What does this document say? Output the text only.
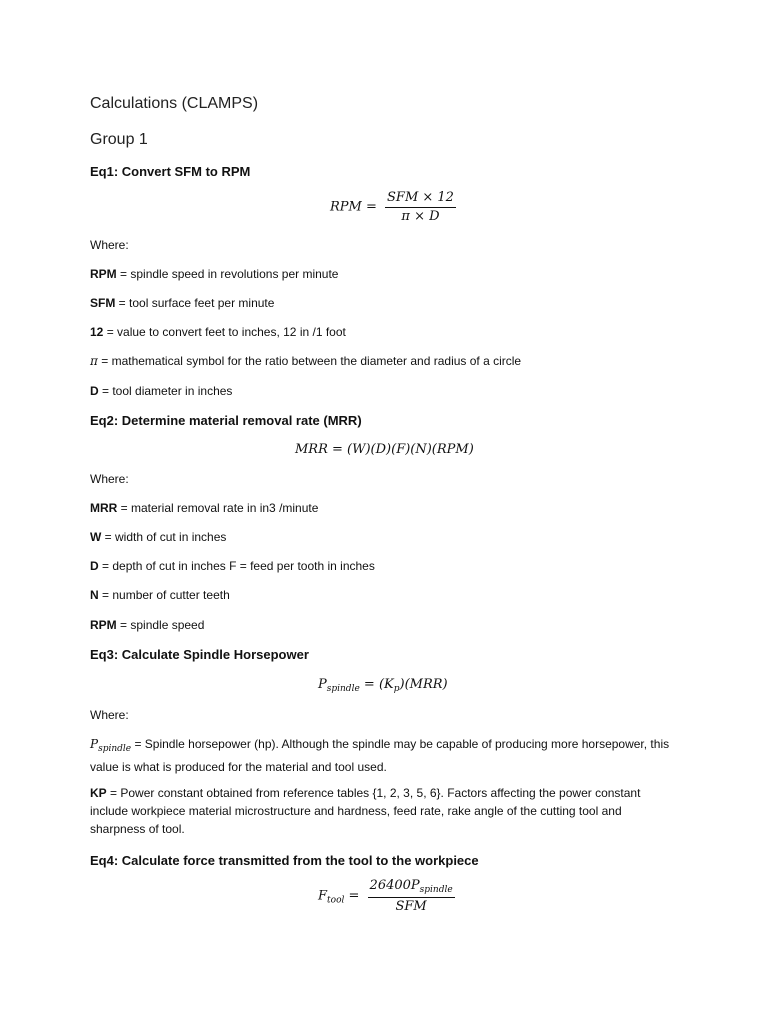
Calculations (CLAMPS)
Group 1
Eq1: Convert SFM to RPM
RPM = $\frac{\text{SFM × 12}}{\pi \times D}$
Where:
RPM = spindle speed in revolutions per minute
SFM = tool surface feet per minute
12 = value to convert feet to inches, 12 in /1 foot
π = mathematical symbol for the ratio between the diameter and radius of a circle
D = tool diameter in inches
Eq2: Determine material removal rate (MRR)
MRR = (W)(D)(F)(N)(RPM)
Where:
MRR = material removal rate in in3 /minute
W = width of cut in inches
D = depth of cut in inches F = feed per tooth in inches
N = number of cutter teeth
RPM = spindle speed
Eq3: Calculate Spindle Horsepower
$P_{spindle} = (K_p)(MRR)$
Where:
$P_{spindle}$ = Spindle horsepower (hp). Although the spindle may be capable of producing more horsepower, this value is what is produced for the material and tool used.
KP = Power constant obtained from reference tables {1, 2, 3, 5, 6}. Factors affecting the power constant include workpiece material microstructure and hardness, feed rate, rake angle of the cutting tool and sharpness of tool.
Eq4: Calculate force transmitted from the tool to the workpiece
$F_{tool} = \frac{26400P_{spindle}}{\text{SFM}}$
